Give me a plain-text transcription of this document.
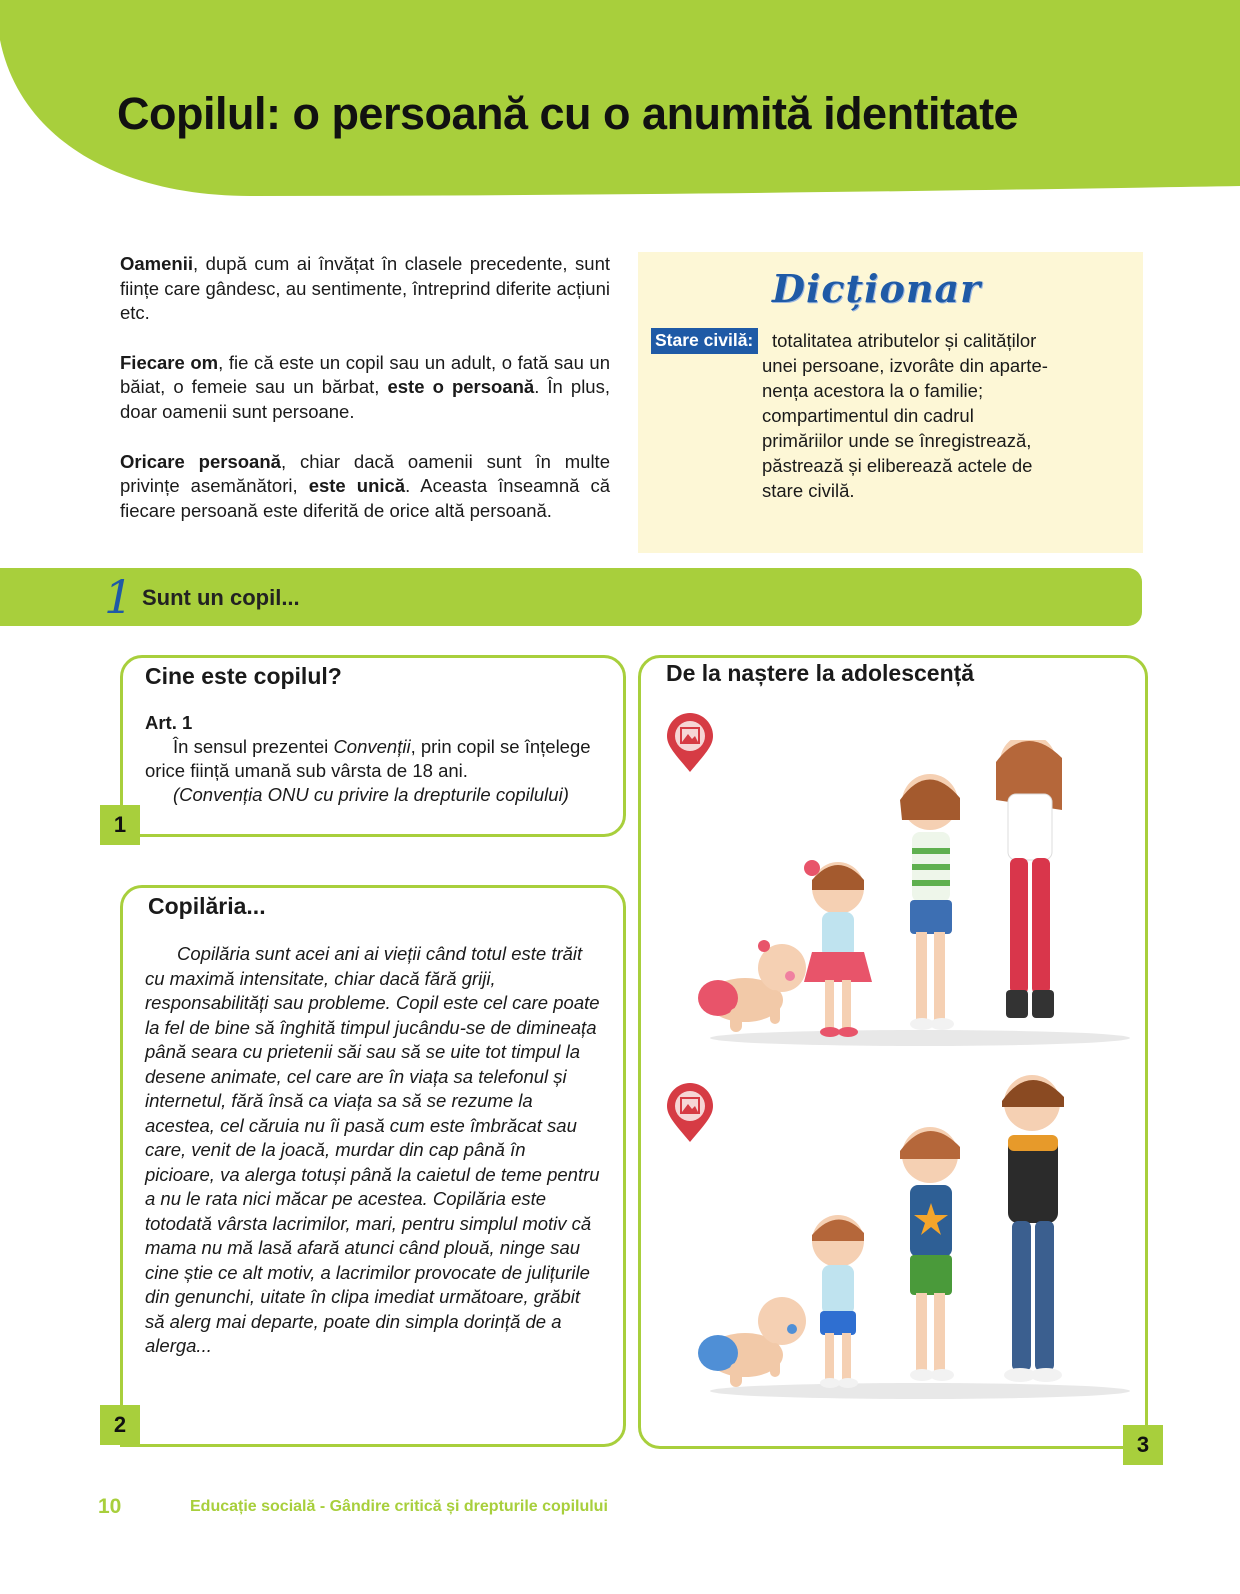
Copilul: o persoană cu o anumită identitate

Oamenii, după cum ai învățat în clasele precedente, sunt ființe care gândesc, au sentimente, întreprind diferite acțiuni etc.

Fiecare om, fie că este un copil sau un adult, o fată sau un băiat, o femeie sau un bărbat, este o persoană. În plus, doar oamenii sunt persoane.

Oricare persoană, chiar dacă oamenii sunt în multe privințe asemănători, este unică. Aceasta înseamnă că fiecare persoană este diferită de orice altă persoană.

Dicționar
Stare civilă: totalitatea atributelor și calităților
unei persoane, izvorâte din aparte-
nența acestora la o familie;
compartimentul din cadrul
primăriilor unde se înregistrează,
păstrează și eliberează actele de
stare civilă.
1 Sunt un copil...
Cine este copilul?
Art. 1
În sensul prezentei Convenții, prin copil se înțelege orice ființă umană sub vârsta de 18 ani.
(Convenția ONU cu privire la drepturile copilului)
1
Copilăria...
Copilăria sunt acei ani ai vieții când totul este trăit cu maximă intensitate, chiar dacă fără griji, responsabilități sau probleme. Copil este cel care poate la fel de bine să înghită timpul jucându-se de dimineața până seara cu prietenii săi sau să se uite tot timpul la desene animate, cel care are în viața sa telefonul și internetul, fără însă ca viața sa să se rezume la acestea, cel căruia nu îi pasă cum este îmbrăcat sau care, venit de la joacă, murdar din cap până în picioare, va alerga totuși până la caietul de teme pentru a nu le rata nici măcar pe acestea. Copilăria este totodată vârsta lacrimilor, mari, pentru simplul motiv că mama nu mă lasă afară atunci când plouă, ninge sau cine știe ce alt motiv, a lacrimilor provocate de julițurile din genunchi, uitate în clipa imediat următoare, grăbit să alerg mai departe, poate din simpla dorință de a alerga...
2
De la naștere la adolescență
3
10	Educație socială - Gândire critică și drepturile copilului
